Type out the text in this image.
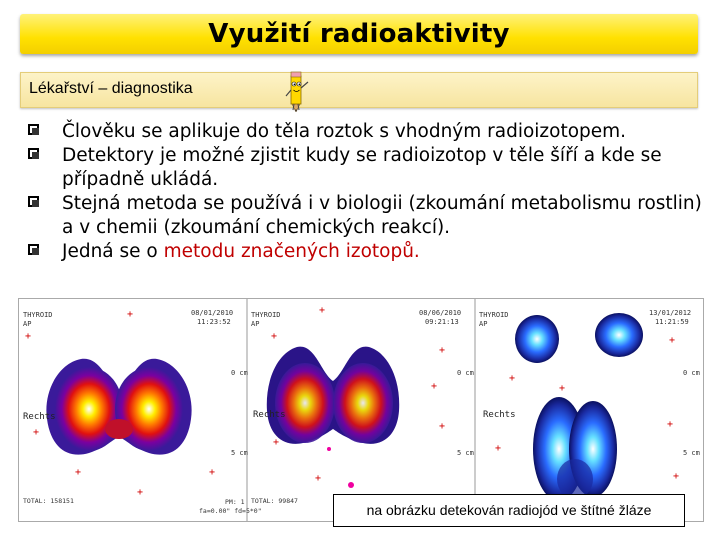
Využití radioaktivity
Lékařství – diagnostika
Člověku se aplikuje do těla roztok s vhodným radioizotopem.
Detektory je možné zjistit kudy se radioizotop v těle šíří a kde se případně ukládá.
Stejná metoda se používá i v biologii (zkoumání metabolismu rostlin) a v chemii (zkoumání chemických reakcí).
Jedná se o metodu značených izotopů.
THYROID
AP
08/01/2010
11:23:52
Rechts
TOTAL: 158151	PM: 1
fa=0.00" fd=5*0"
0 cm
5 cm
THYROID
AP
08/06/2010
09:21:13
Rechts
TOTAL: 99847
0 cm
5 cm
THYROID
AP
13/01/2012
11:21:59
Rechts
0 cm
5 cm
+
+
+
+	+
+
+
+
+
+
+
+
+
+
+
+
+
+
+
na obrázku detekován radiojód ve štítné žláze
